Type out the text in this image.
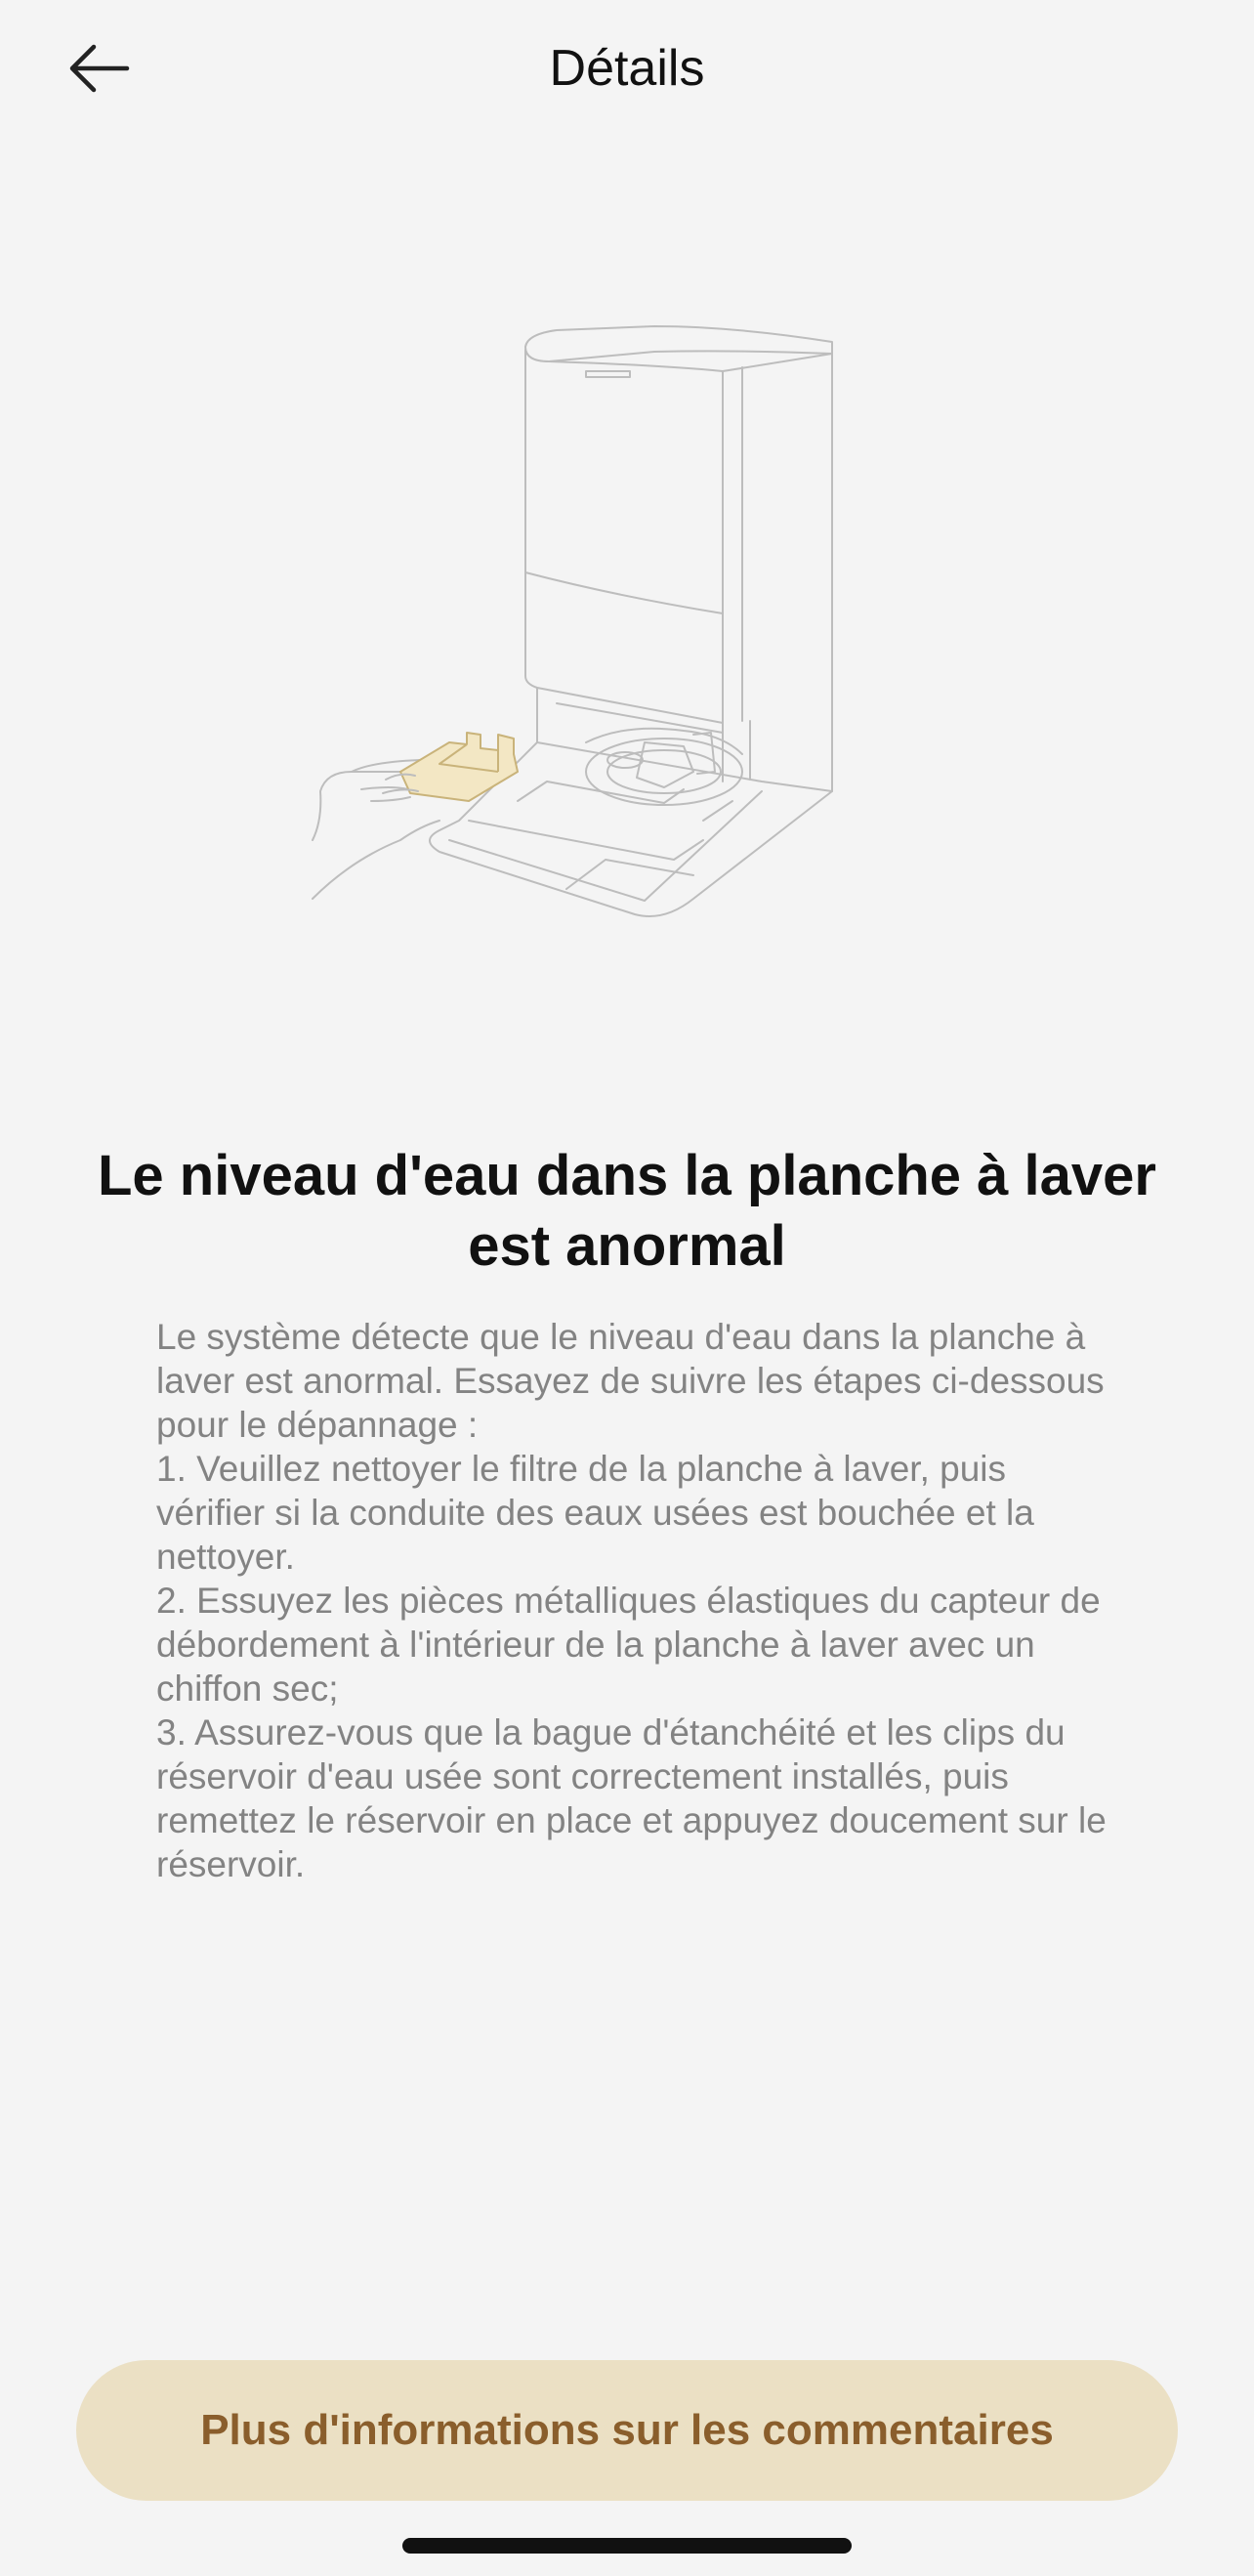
Détails
Le niveau d'eau dans la planche à laver est anormal

Le système détecte que le niveau d'eau dans la planche à laver est anormal. Essayez de suivre les étapes ci-dessous pour le dépannage :
1. Veuillez nettoyer le filtre de la planche à laver, puis vérifier si la conduite des eaux usées est bouchée et la nettoyer.
2. Essuyez les pièces métalliques élastiques du capteur de débordement à l'intérieur de la planche à laver avec un chiffon sec;
3. Assurez-vous que la bague d'étanchéité et les clips du réservoir d'eau usée sont correctement installés, puis remettez le réservoir en place et appuyez doucement sur le réservoir.

Plus d'informations sur les commentaires
